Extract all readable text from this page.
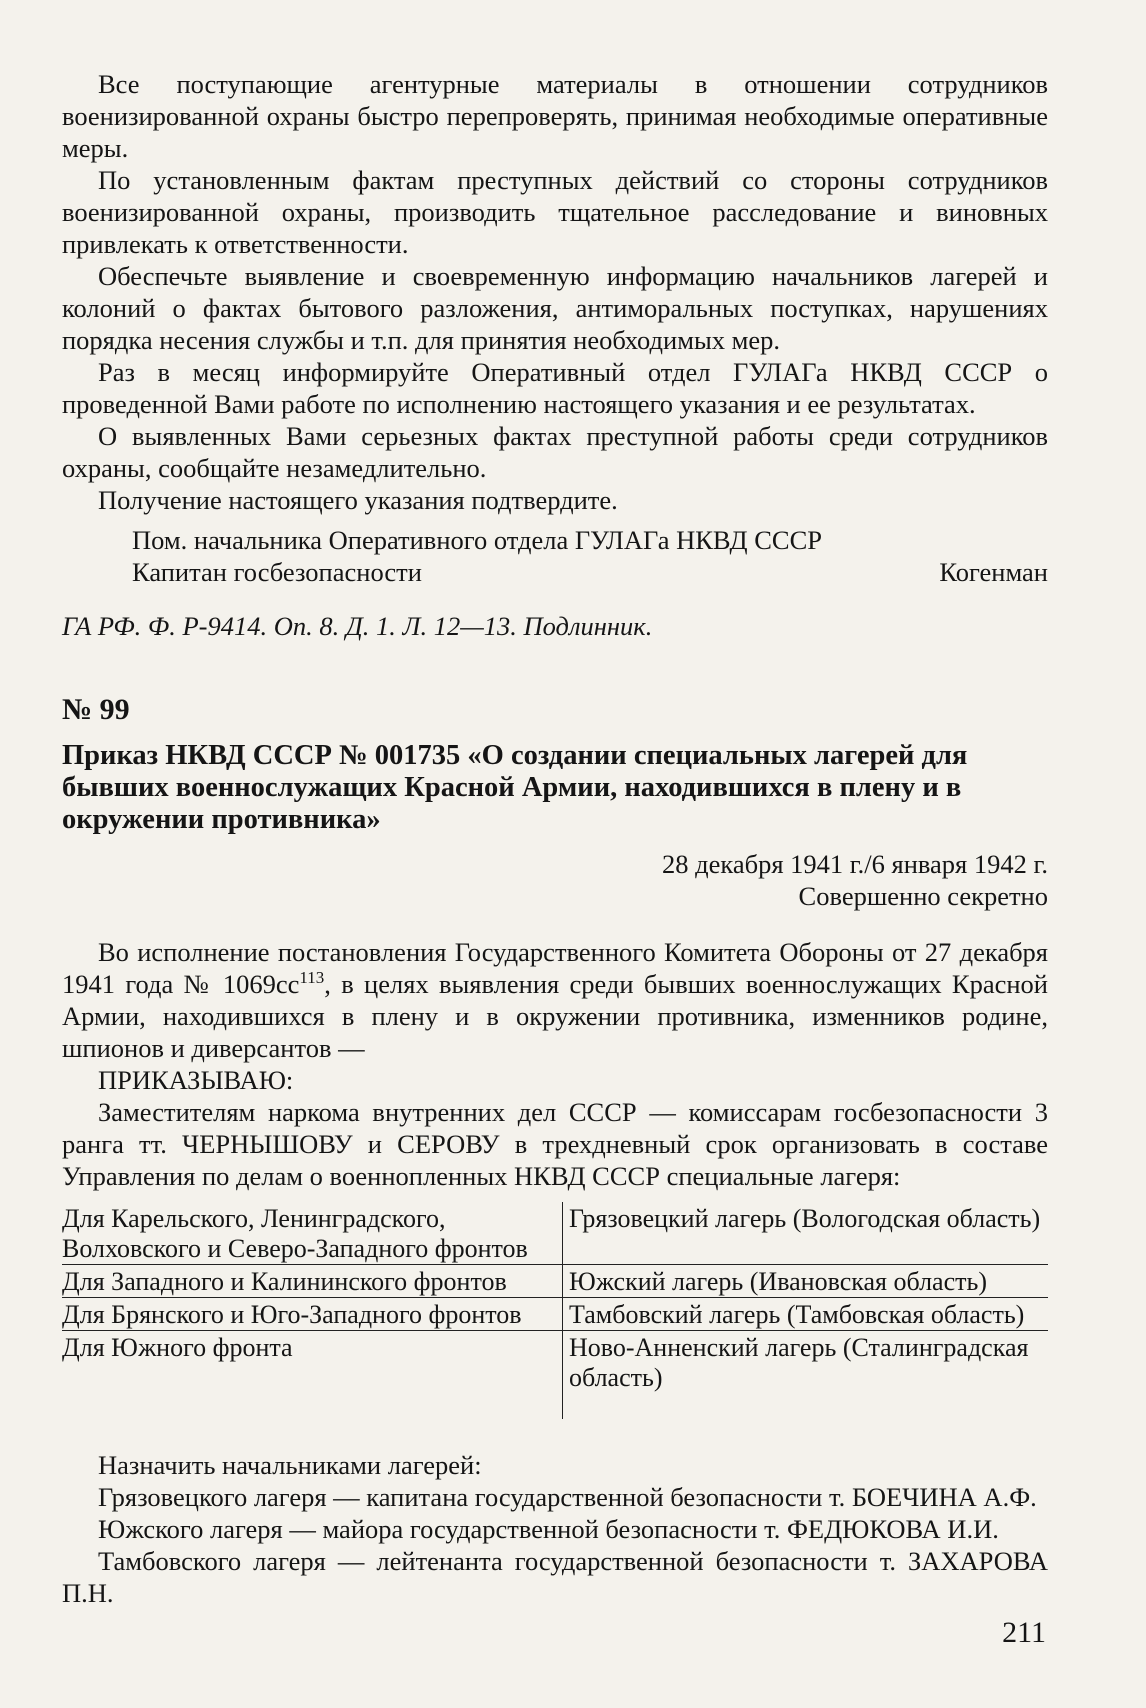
Все поступающие агентурные материалы в отношении сотрудников военизированной охраны быстро перепроверять, принимая необходимые оперативные меры.

По установленным фактам преступных действий со стороны сотрудников военизированной охраны, производить тщательное расследование и виновных привлекать к ответственности.

Обеспечьте выявление и своевременную информацию начальников лагерей и колоний о фактах бытового разложения, антиморальных поступках, нарушениях порядка несения службы и т.п. для принятия необходимых мер.

Раз в месяц информируйте Оперативный отдел ГУЛАГа НКВД СССР о проведенной Вами работе по исполнению настоящего указания и ее результатах.

О выявленных Вами серьезных фактах преступной работы среди сотрудников охраны, сообщайте незамедлительно.

Получение настоящего указания подтвердите.

Пом. начальника Оперативного отдела ГУЛАГа НКВД СССР
Капитан госбезопасности	Когенман

ГА РФ. Ф. Р-9414. Оп. 8. Д. 1. Л. 12—13. Подлинник.

№ 99

Приказ НКВД СССР № 001735 «О создании специальных лагерей для бывших военнослужащих Красной Армии, находившихся в плену и в окружении противника»

28 декабря 1941 г./6 января 1942 г.
Совершенно секретно

Во исполнение постановления Государственного Комитета Обороны от 27 декабря 1941 года № $1069сс^{113}$, в целях выявления среди бывших военнослужащих Красной Армии, находившихся в плену и в окружении противника, изменников родине, шпионов и диверсантов —

ПРИКАЗЫВАЮ:

Заместителям наркома внутренних дел СССР — комиссарам госбезопасности 3 ранга тт. ЧЕРНЫШОВУ и СЕРОВУ в трехдневный срок организовать в составе Управления по делам о военнопленных НКВД СССР специальные лагеря:

Для Карельского, Ленинградского, Волховского и Северо-Западного фронтов	Грязовецкий лагерь (Вологодская область)
Для Западного и Калининского фронтов	Южский лагерь (Ивановская область)
Для Брянского и Юго-Западного фронтов	Тамбовский лагерь (Тамбовская область)
Для Южного фронта	Ново-Анненский лагерь (Сталинградская область)

Назначить начальниками лагерей:

Грязовецкого лагеря — капитана государственной безопасности т. БОЕЧИНА А.Ф.

Южского лагеря — майора государственной безопасности т. ФЕДЮКОВА И.И.

Тамбовского лагеря — лейтенанта государственной безопасности т. ЗАХАРОВА П.Н.

211
